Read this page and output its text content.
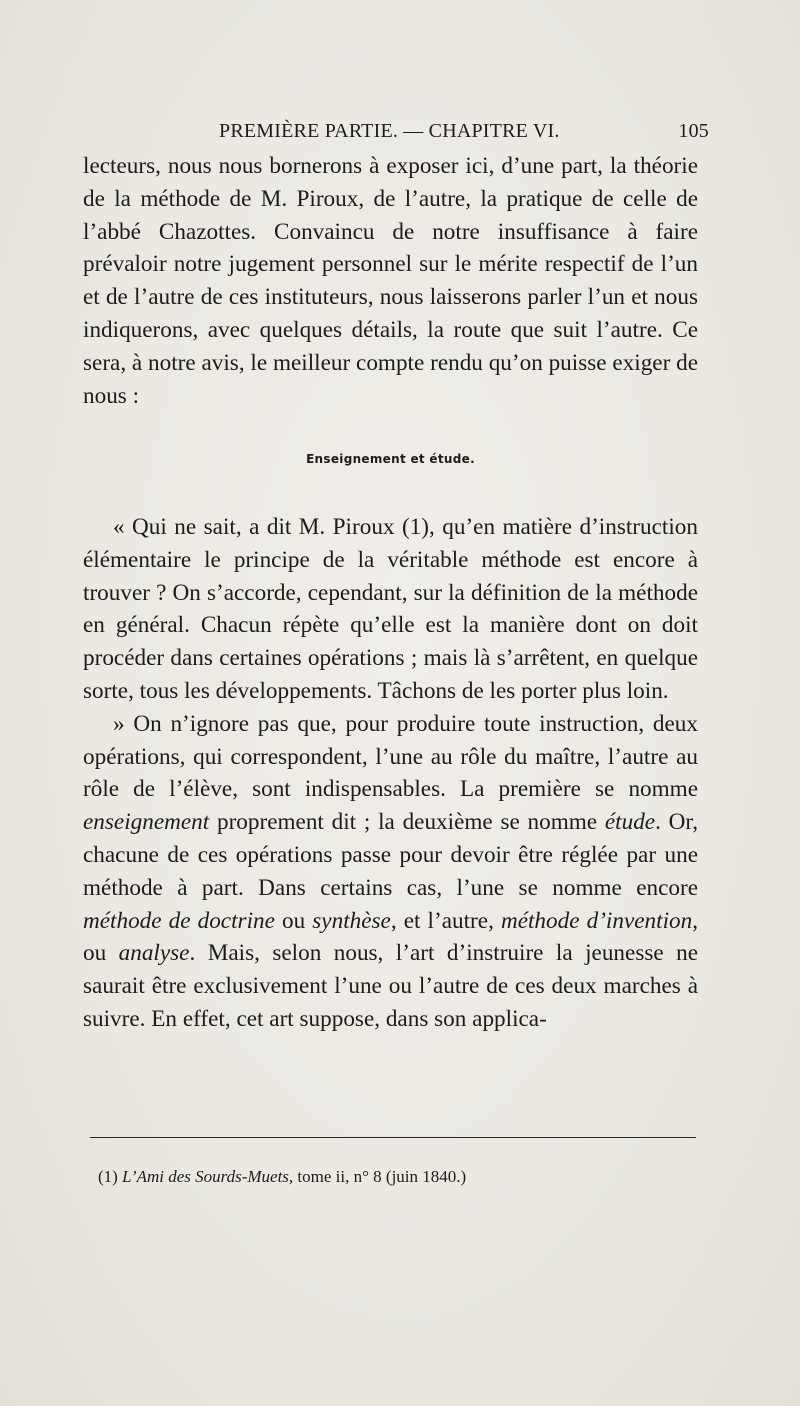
PREMIÈRE PARTIE. — CHAPITRE VI.	105

lecteurs, nous nous bornerons à exposer ici, d’une part, la théorie de la méthode de M. Piroux, de l’autre, la pratique de celle de l’abbé Chazottes. Convaincu de notre insuffisance à faire prévaloir notre jugement personnel sur le mérite respectif de l’un et de l’autre de ces instituteurs, nous laisserons parler l’un et nous indiquerons, avec quelques détails, la route que suit l’autre. Ce sera, à notre avis, le meilleur compte rendu qu’on puisse exiger de nous :

Enseignement et étude.

« Qui ne sait, a dit M. Piroux (1), qu’en matière d’instruction élémentaire le principe de la véritable méthode est encore à trouver ? On s’accorde, cependant, sur la définition de la méthode en général. Chacun répète qu’elle est la manière dont on doit procéder dans certaines opérations ; mais là s’arrêtent, en quelque sorte, tous les développements. Tâchons de les porter plus loin.

» On n’ignore pas que, pour produire toute instruction, deux opérations, qui correspondent, l’une au rôle du maître, l’autre au rôle de l’élève, sont indispensables. La première se nomme enseignement proprement dit ; la deuxième se nomme étude. Or, chacune de ces opérations passe pour devoir être réglée par une méthode à part. Dans certains cas, l’une se nomme encore méthode de doctrine ou synthèse, et l’autre, méthode d’invention, ou analyse. Mais, selon nous, l’art d’instruire la jeunesse ne saurait être exclusivement l’une ou l’autre de ces deux marches à suivre. En effet, cet art suppose, dans son applica-

(1) L’Ami des Sourds-Muets, tome ii, n° 8 (juin 1840.)
